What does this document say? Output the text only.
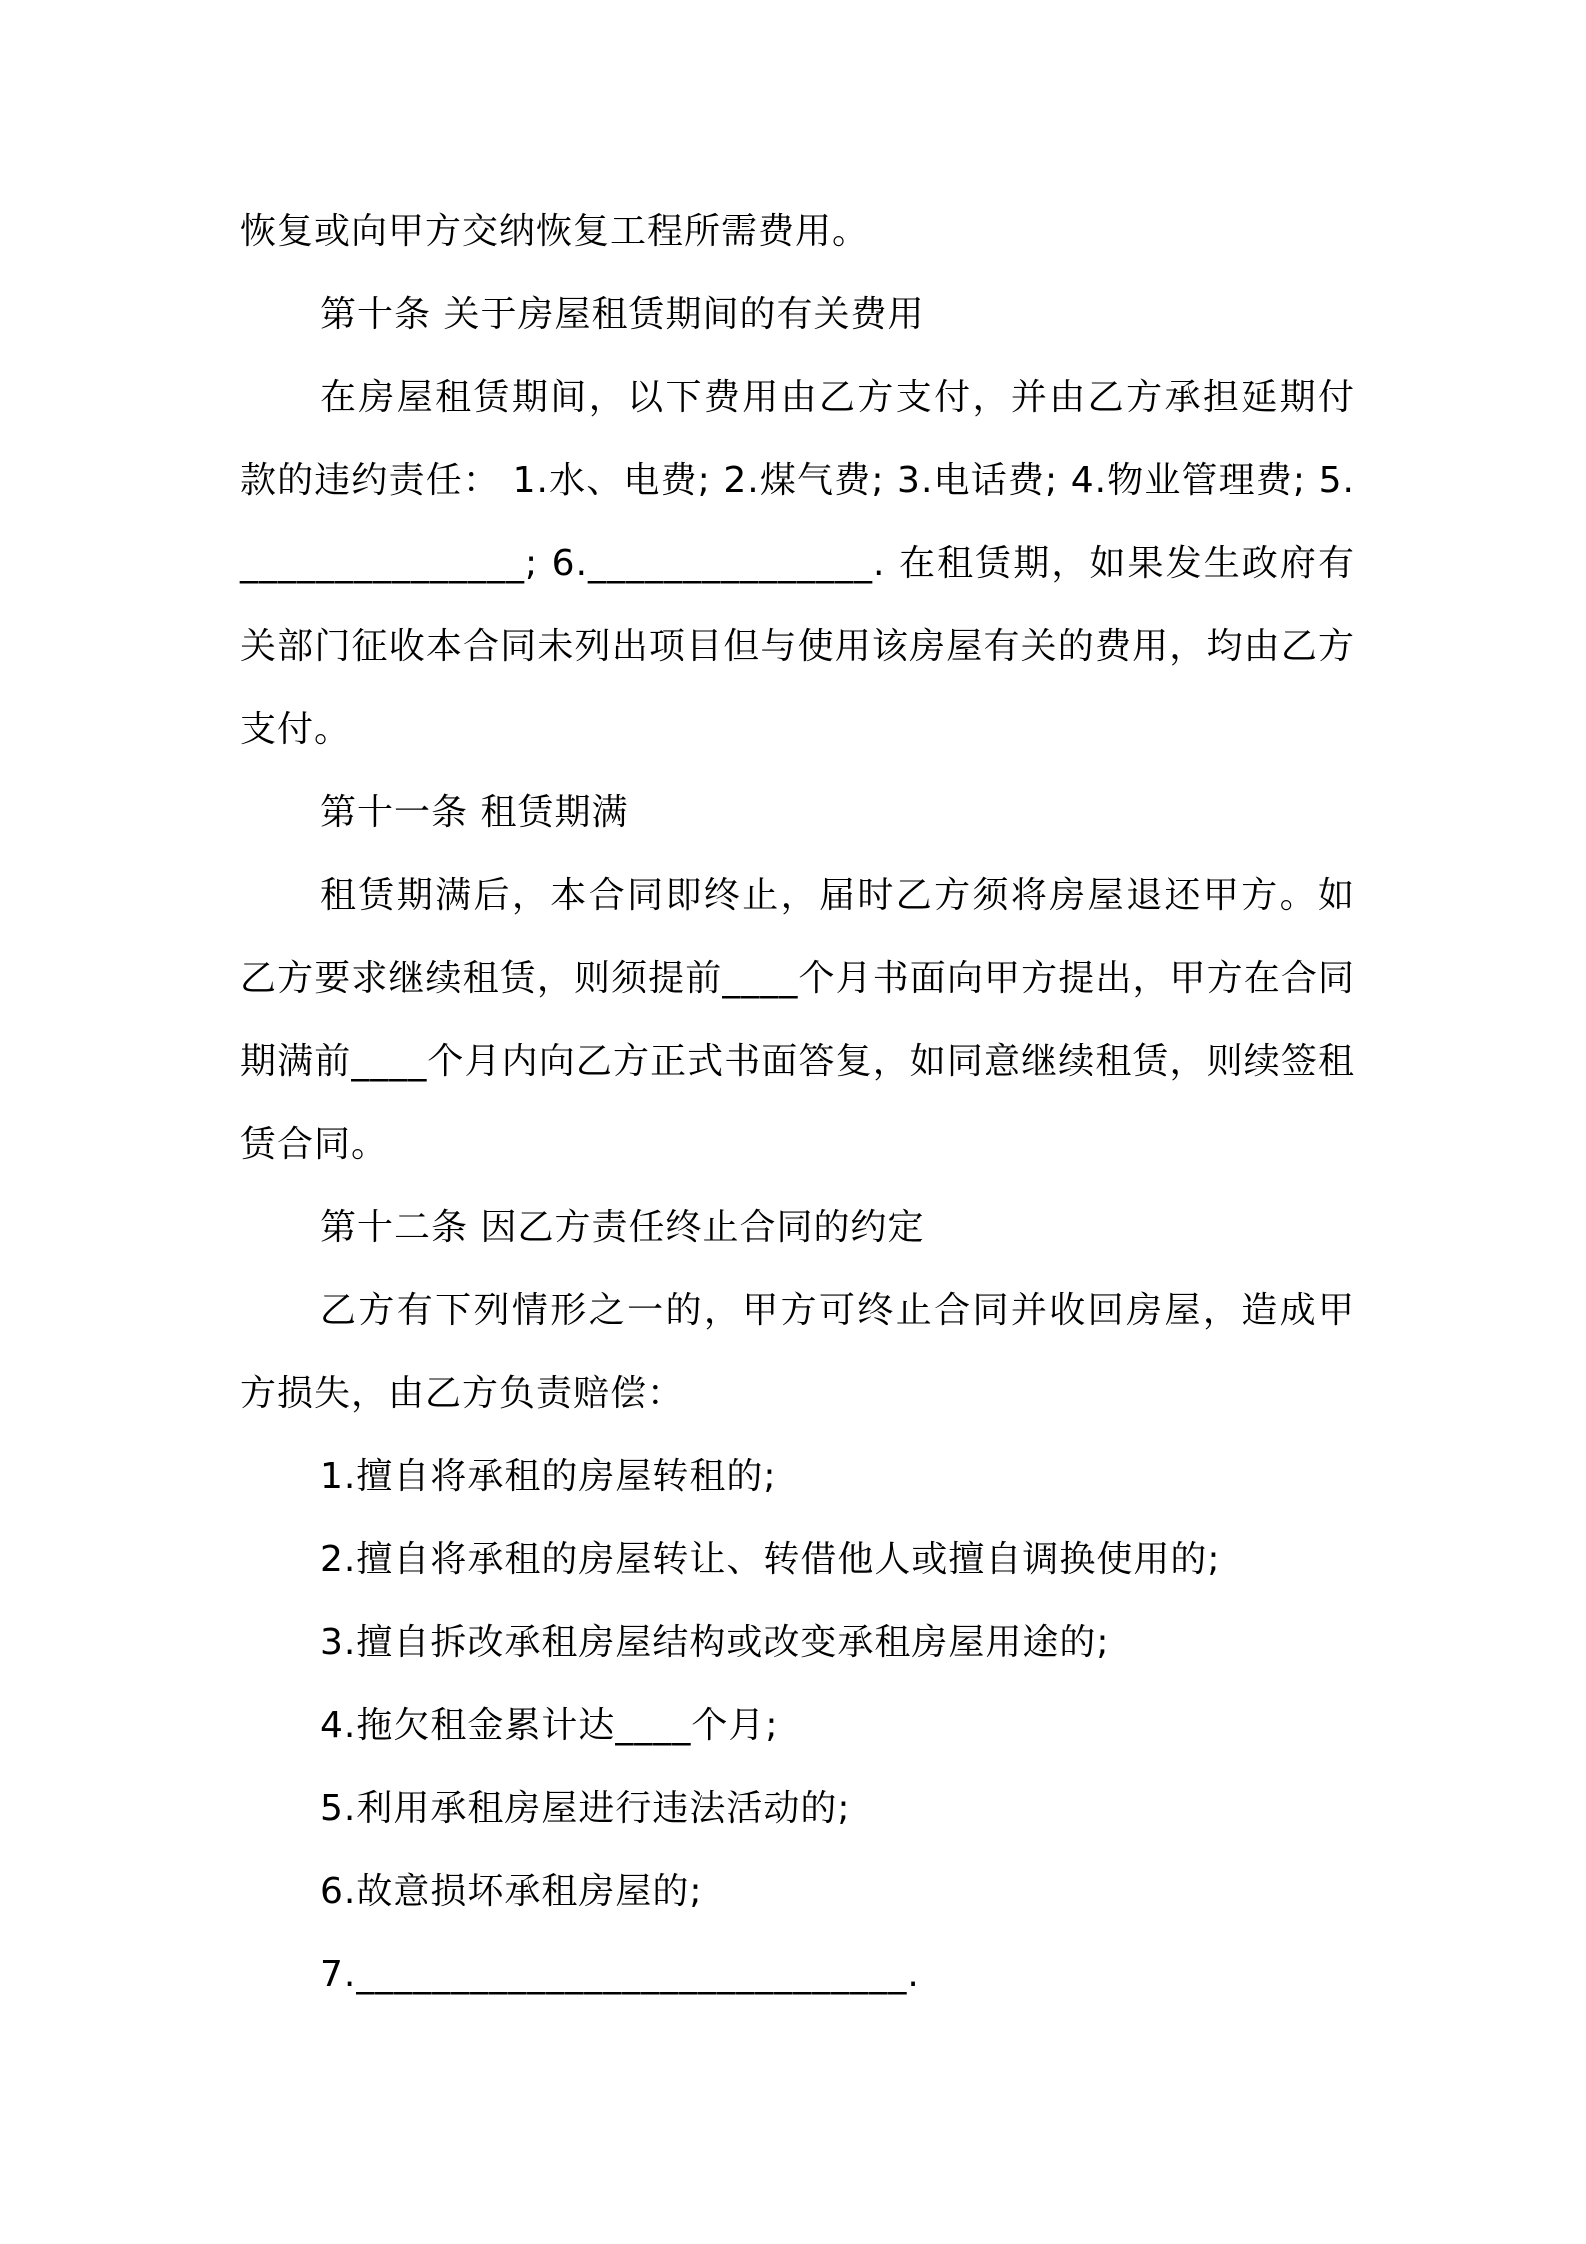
恢复或向甲方交纳恢复工程所需费用。

第十条 关于房屋租赁期间的有关费用

在房屋租赁期间，以下费用由乙方支付，并由乙方承担延期付款的违约责任： 1.水、电费; 2.煤气费; 3.电话费; 4.物业管理费; 5._______________; 6._______________. 在租赁期，如果发生政府有关部门征收本合同未列出项目但与使用该房屋有关的费用，均由乙方支付。

第十一条 租赁期满

租赁期满后，本合同即终止，届时乙方须将房屋退还甲方。如乙方要求继续租赁，则须提前____个月书面向甲方提出，甲方在合同期满前____个月内向乙方正式书面答复，如同意继续租赁，则续签租赁合同。

第十二条 因乙方责任终止合同的约定

乙方有下列情形之一的，甲方可终止合同并收回房屋，造成甲方损失，由乙方负责赔偿：

1.擅自将承租的房屋转租的;

2.擅自将承租的房屋转让、转借他人或擅自调换使用的;

3.擅自拆改承租房屋结构或改变承租房屋用途的;

4.拖欠租金累计达____个月;

5.利用承租房屋进行违法活动的;

6.故意损坏承租房屋的;

7._____________________________.
